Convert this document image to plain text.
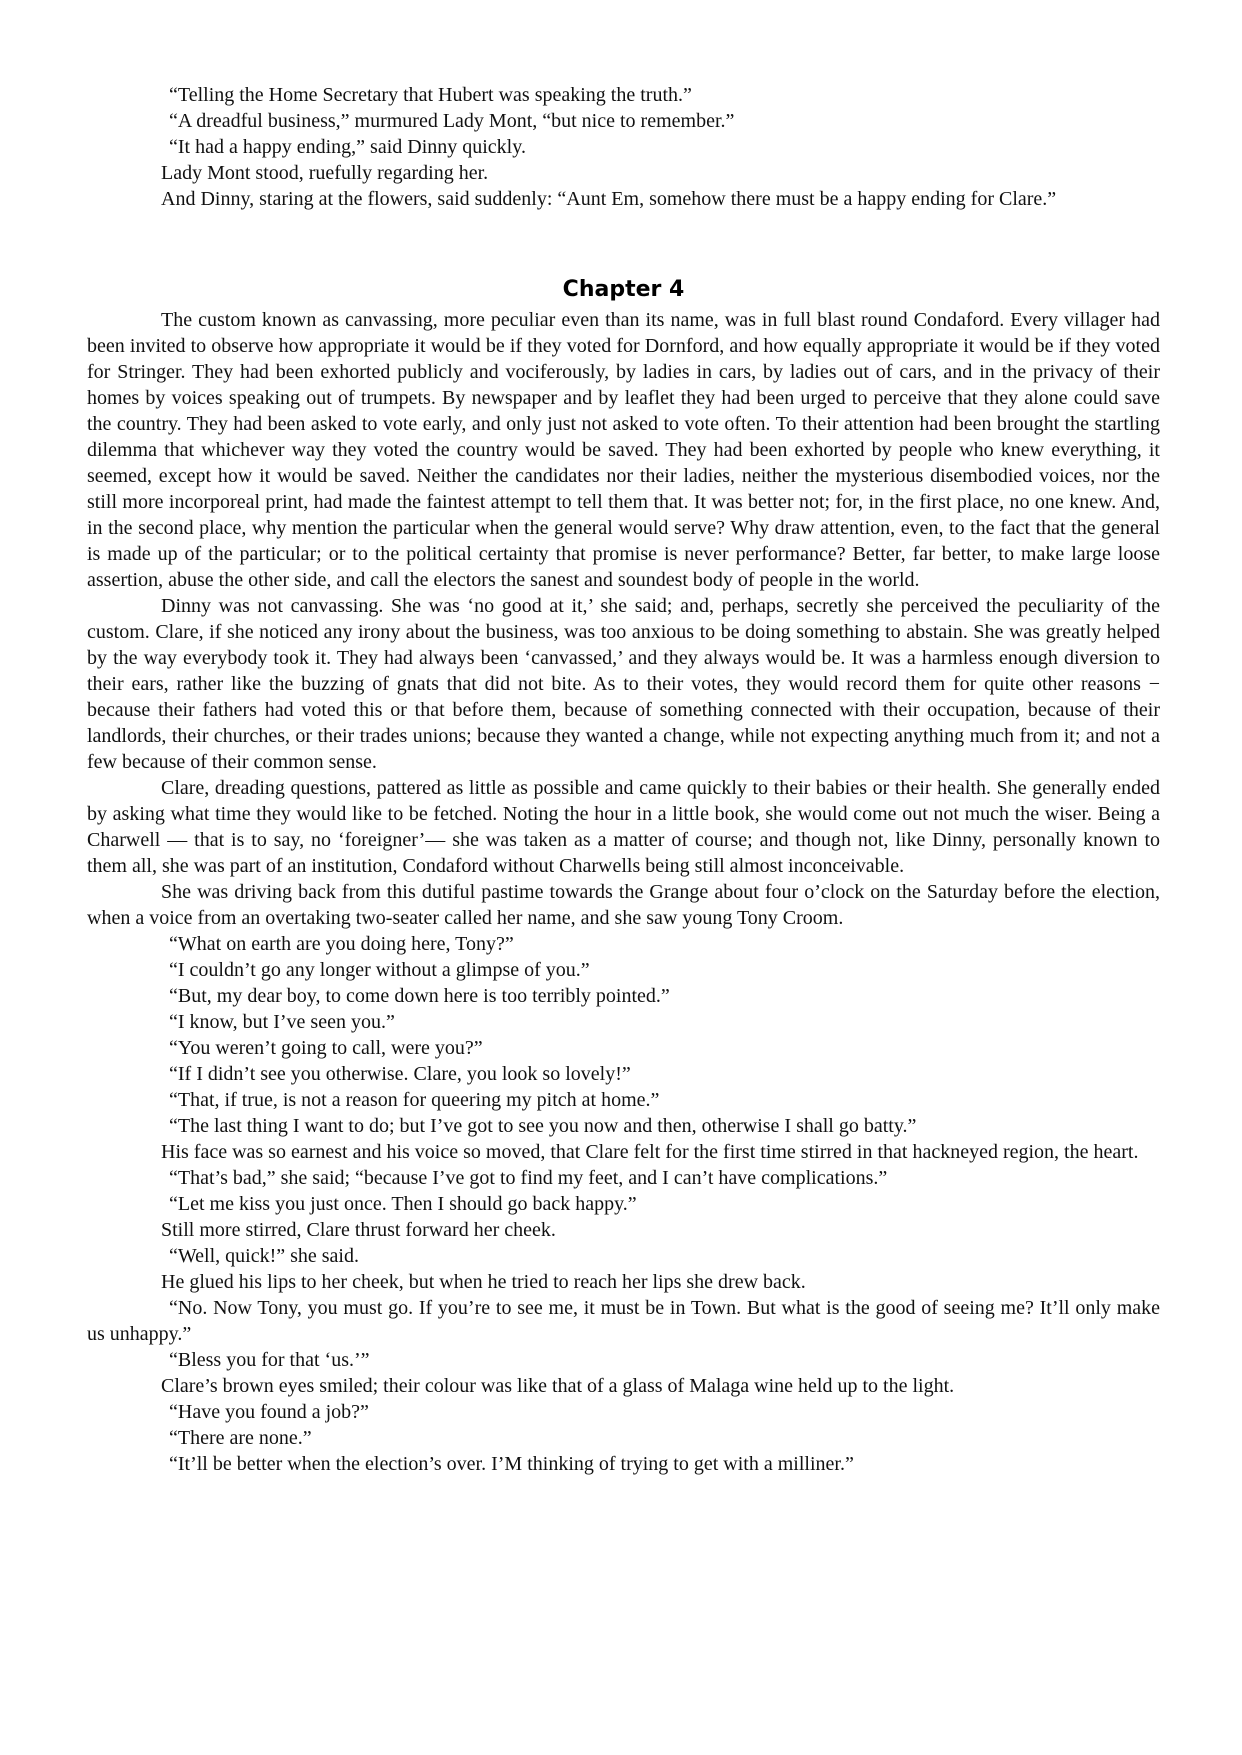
“Telling the Home Secretary that Hubert was speaking the truth.”

“A dreadful business,” murmured Lady Mont, “but nice to remember.”

“It had a happy ending,” said Dinny quickly.

Lady Mont stood, ruefully regarding her.

And Dinny, staring at the flowers, said suddenly: “Aunt Em, somehow there must be a happy ending for Clare.”

Chapter 4

The custom known as canvassing, more peculiar even than its name, was in full blast round Condaford. Every villager had been invited to observe how appropriate it would be if they voted for Dornford, and how equally appropriate it would be if they voted for Stringer. They had been exhorted publicly and vociferously, by ladies in cars, by ladies out of cars, and in the privacy of their homes by voices speaking out of trumpets. By newspaper and by leaflet they had been urged to perceive that they alone could save the country. They had been asked to vote early, and only just not asked to vote often. To their attention had been brought the startling dilemma that whichever way they voted the country would be saved. They had been exhorted by people who knew everything, it seemed, except how it would be saved. Neither the candidates nor their ladies, neither the mysterious disembodied voices, nor the still more incorporeal print, had made the faintest attempt to tell them that. It was better not; for, in the first place, no one knew. And, in the second place, why mention the particular when the general would serve? Why draw attention, even, to the fact that the general is made up of the particular; or to the political certainty that promise is never performance? Better, far better, to make large loose assertion, abuse the other side, and call the electors the sanest and soundest body of people in the world.

Dinny was not canvassing. She was ‘no good at it,’ she said; and, perhaps, secretly she perceived the peculiarity of the custom. Clare, if she noticed any irony about the business, was too anxious to be doing something to abstain. She was greatly helped by the way everybody took it. They had always been ‘canvassed,’ and they always would be. It was a harmless enough diversion to their ears, rather like the buzzing of gnats that did not bite. As to their votes, they would record them for quite other reasons − because their fathers had voted this or that before them, because of something connected with their occupation, because of their landlords, their churches, or their trades unions; because they wanted a change, while not expecting anything much from it; and not a few because of their common sense.

Clare, dreading questions, pattered as little as possible and came quickly to their babies or their health. She generally ended by asking what time they would like to be fetched. Noting the hour in a little book, she would come out not much the wiser. Being a Charwell — that is to say, no ‘foreigner’— she was taken as a matter of course; and though not, like Dinny, personally known to them all, she was part of an institution, Condaford without Charwells being still almost inconceivable.

She was driving back from this dutiful pastime towards the Grange about four o’clock on the Saturday before the election, when a voice from an overtaking two-seater called her name, and she saw young Tony Croom.

“What on earth are you doing here, Tony?”

“I couldn’t go any longer without a glimpse of you.”

“But, my dear boy, to come down here is too terribly pointed.”

“I know, but I’ve seen you.”

“You weren’t going to call, were you?”

“If I didn’t see you otherwise. Clare, you look so lovely!”

“That, if true, is not a reason for queering my pitch at home.”

“The last thing I want to do; but I’ve got to see you now and then, otherwise I shall go batty.”

His face was so earnest and his voice so moved, that Clare felt for the first time stirred in that hackneyed region, the heart.

“That’s bad,” she said; “because I’ve got to find my feet, and I can’t have complications.”

“Let me kiss you just once. Then I should go back happy.”

Still more stirred, Clare thrust forward her cheek.

“Well, quick!” she said.

He glued his lips to her cheek, but when he tried to reach her lips she drew back.

“No. Now Tony, you must go. If you’re to see me, it must be in Town. But what is the good of seeing me? It’ll only make us unhappy.”

“Bless you for that ‘us.’”

Clare’s brown eyes smiled; their colour was like that of a glass of Malaga wine held up to the light.

“Have you found a job?”

“There are none.”

“It’ll be better when the election’s over. I’M thinking of trying to get with a milliner.”
